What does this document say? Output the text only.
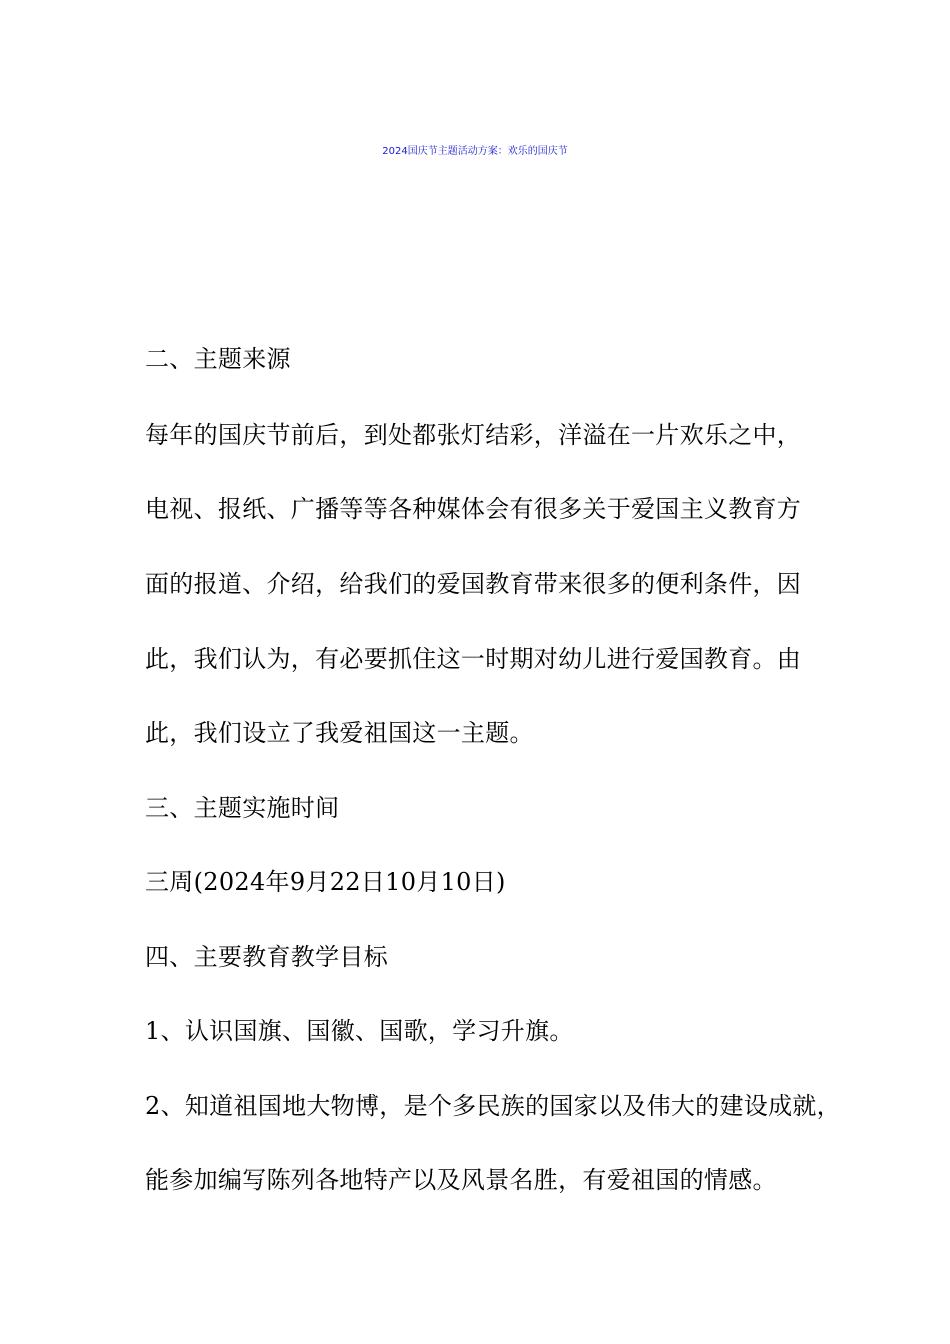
2024国庆节主题活动方案：欢乐的国庆节
二、主题来源
每年的国庆节前后，到处都张灯结彩，洋溢在一片欢乐之中，
电视、报纸、广播等等各种媒体会有很多关于爱国主义教育方
面的报道、介绍，给我们的爱国教育带来很多的便利条件，因
此，我们认为，有必要抓住这一时期对幼儿进行爱国教育。由
此，我们设立了我爱祖国这一主题。
三、主题实施时间
三周(2024年9月22日10月10日)
四、主要教育教学目标
1、认识国旗、国徽、国歌，学习升旗。
2、知道祖国地大物博，是个多民族的国家以及伟大的建设成就，
能参加编写陈列各地特产以及风景名胜，有爱祖国的情感。
